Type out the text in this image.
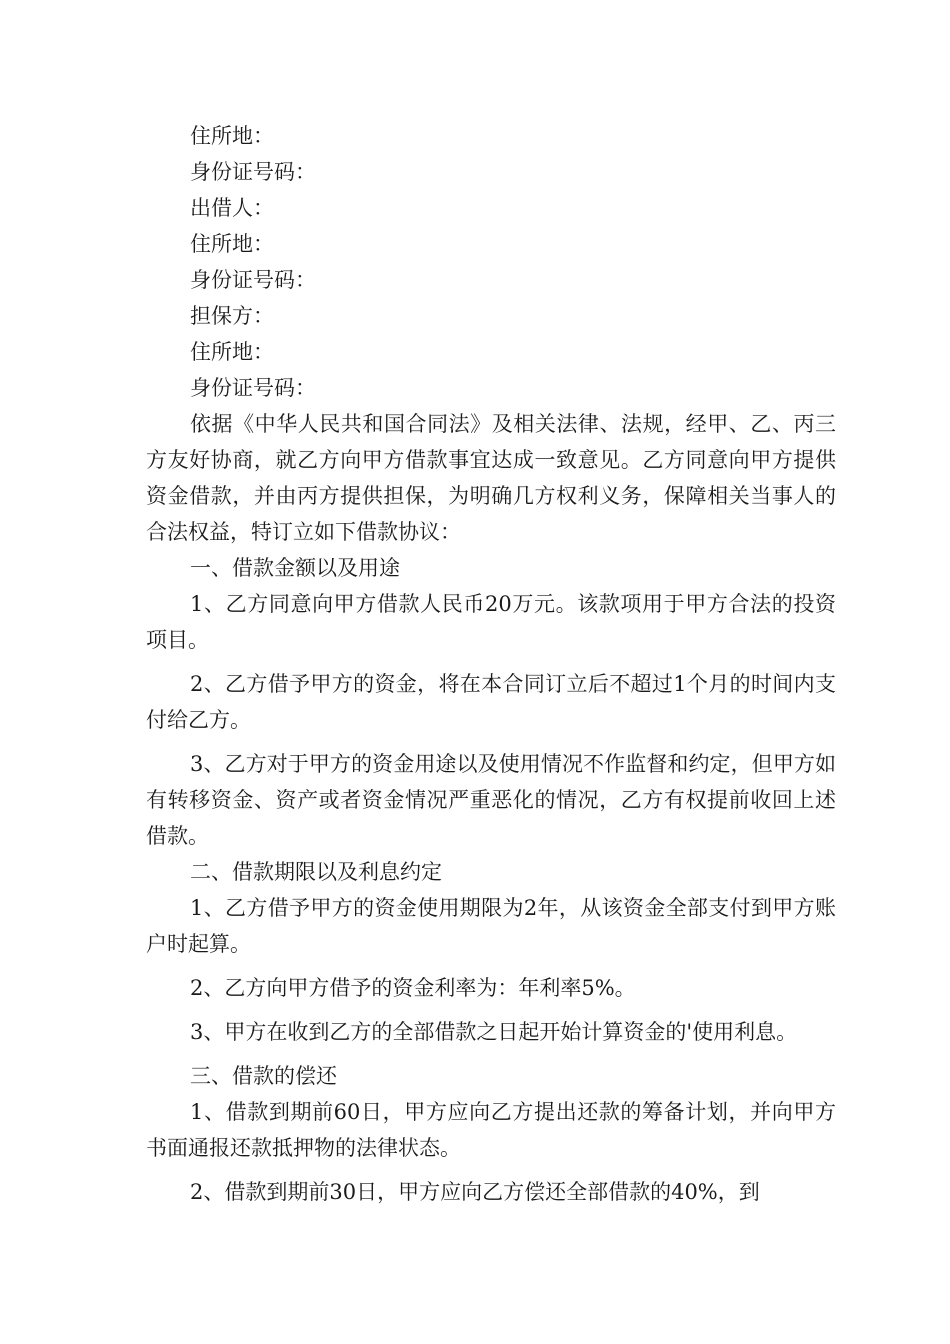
住所地：
身份证号码：
出借人：
住所地：
身份证号码：
担保方：
住所地：
身份证号码：
依据《中华人民共和国合同法》及相关法律、法规，经甲、乙、丙三方友好协商，就乙方向甲方借款事宜达成一致意见。乙方同意向甲方提供资金借款，并由丙方提供担保，为明确几方权利义务，保障相关当事人的合法权益，特订立如下借款协议：
一、借款金额以及用途
1、乙方同意向甲方借款人民币20万元。该款项用于甲方合法的投资项目。
2、乙方借予甲方的资金，将在本合同订立后不超过1个月的时间内支付给乙方。
3、乙方对于甲方的资金用途以及使用情况不作监督和约定，但甲方如有转移资金、资产或者资金情况严重恶化的情况，乙方有权提前收回上述借款。
二、借款期限以及利息约定
1、乙方借予甲方的资金使用期限为2年，从该资金全部支付到甲方账户时起算。
2、乙方向甲方借予的资金利率为：年利率5%。
3、甲方在收到乙方的全部借款之日起开始计算资金的'使用利息。
三、借款的偿还
1、借款到期前60日，甲方应向乙方提出还款的筹备计划，并向甲方书面通报还款抵押物的法律状态。
2、借款到期前30日，甲方应向乙方偿还全部借款的40%，到
